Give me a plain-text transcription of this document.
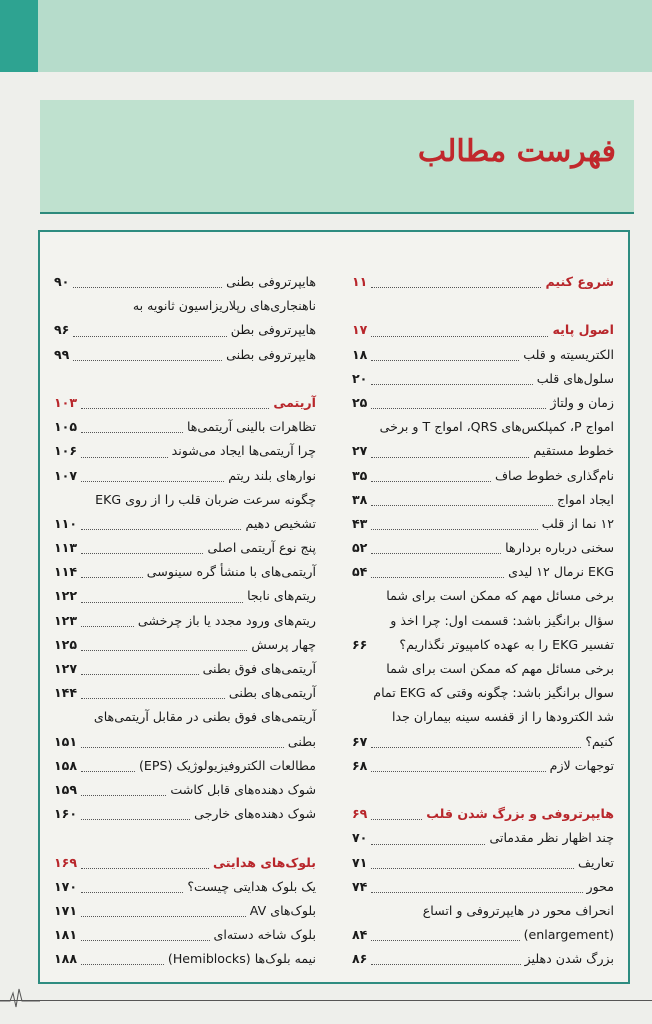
فهرست مطالب
شروع کنیم
۱۱
اصول پایه
۱۷
الکتریسیته و قلب
۱۸
سلول‌های قلب
۲۰
زمان و ولتاژ
۲۵
امواج P، کمپلکس‌های QRS، امواج T و برخی
خطوط مستقیم
۲۷
نام‌گذاری خطوط صاف
۳۵
ایجاد امواج
۳۸
۱۲ نما از قلب
۴۳
سخنی درباره بردارها
۵۲
EKG نرمال ۱۲ لیدی
۵۴
برخی مسائل مهم که ممکن است برای شما
سؤال برانگیز باشد: قسمت اول: چرا اخذ و
تفسیر EKG را به عهده کامپیوتر نگذاریم؟
۶۶
برخی مسائل مهم که ممکن است برای شما
سوال برانگیز باشد: چگونه وقتی که EKG تمام
شد الکترودها را از قفسه سینه بیماران جدا
کنیم؟
۶۷
توجهات لازم
۶۸
هایپرتروفی و بزرگ شدن قلب
۶۹
چند اظهار نظر مقدماتی
۷۰
تعاریف
۷۱
محور
۷۴
انحراف محور در هایپرتروفی و اتساع
(enlargement)
۸۴
بزرگ شدن دهلیز
۸۶
هایپرتروفی بطنی
۹۰
ناهنجاری‌های رپلاریزاسیون ثانویه به
هایپرتروفی بطن
۹۶
هایپرتروفی بطنی
۹۹
آریتمی
۱۰۳
تظاهرات بالینی آریتمی‌ها
۱۰۵
چرا آریتمی‌ها ایجاد می‌شوند
۱۰۶
نوارهای بلند ریتم
۱۰۷
چگونه سرعت ضربان قلب را از روی EKG
تشخیص دهیم
۱۱۰
پنج نوع آریتمی اصلی
۱۱۳
آریتمی‌های با منشأ گره سینوسی
۱۱۴
ریتم‌های نابجا
۱۲۲
ریتم‌های ورود مجدد یا باز چرخشی
۱۲۳
چهار پرسش
۱۲۵
آریتمی‌های فوق بطنی
۱۲۷
آریتمی‌های بطنی
۱۴۴
آریتمی‌های فوق بطنی در مقابل آریتمی‌های
بطنی
۱۵۱
مطالعات الکتروفیزیولوژیک (EPS)
۱۵۸
شوک دهنده‌های قابل کاشت
۱۵۹
شوک دهنده‌های خارجی
۱۶۰
بلوک‌های هدایتی
۱۶۹
یک بلوک هدایتی چیست؟
۱۷۰
بلوک‌های AV
۱۷۱
بلوک شاخه دسته‌ای
۱۸۱
نیمه بلوک‌ها (Hemiblocks)
۱۸۸
